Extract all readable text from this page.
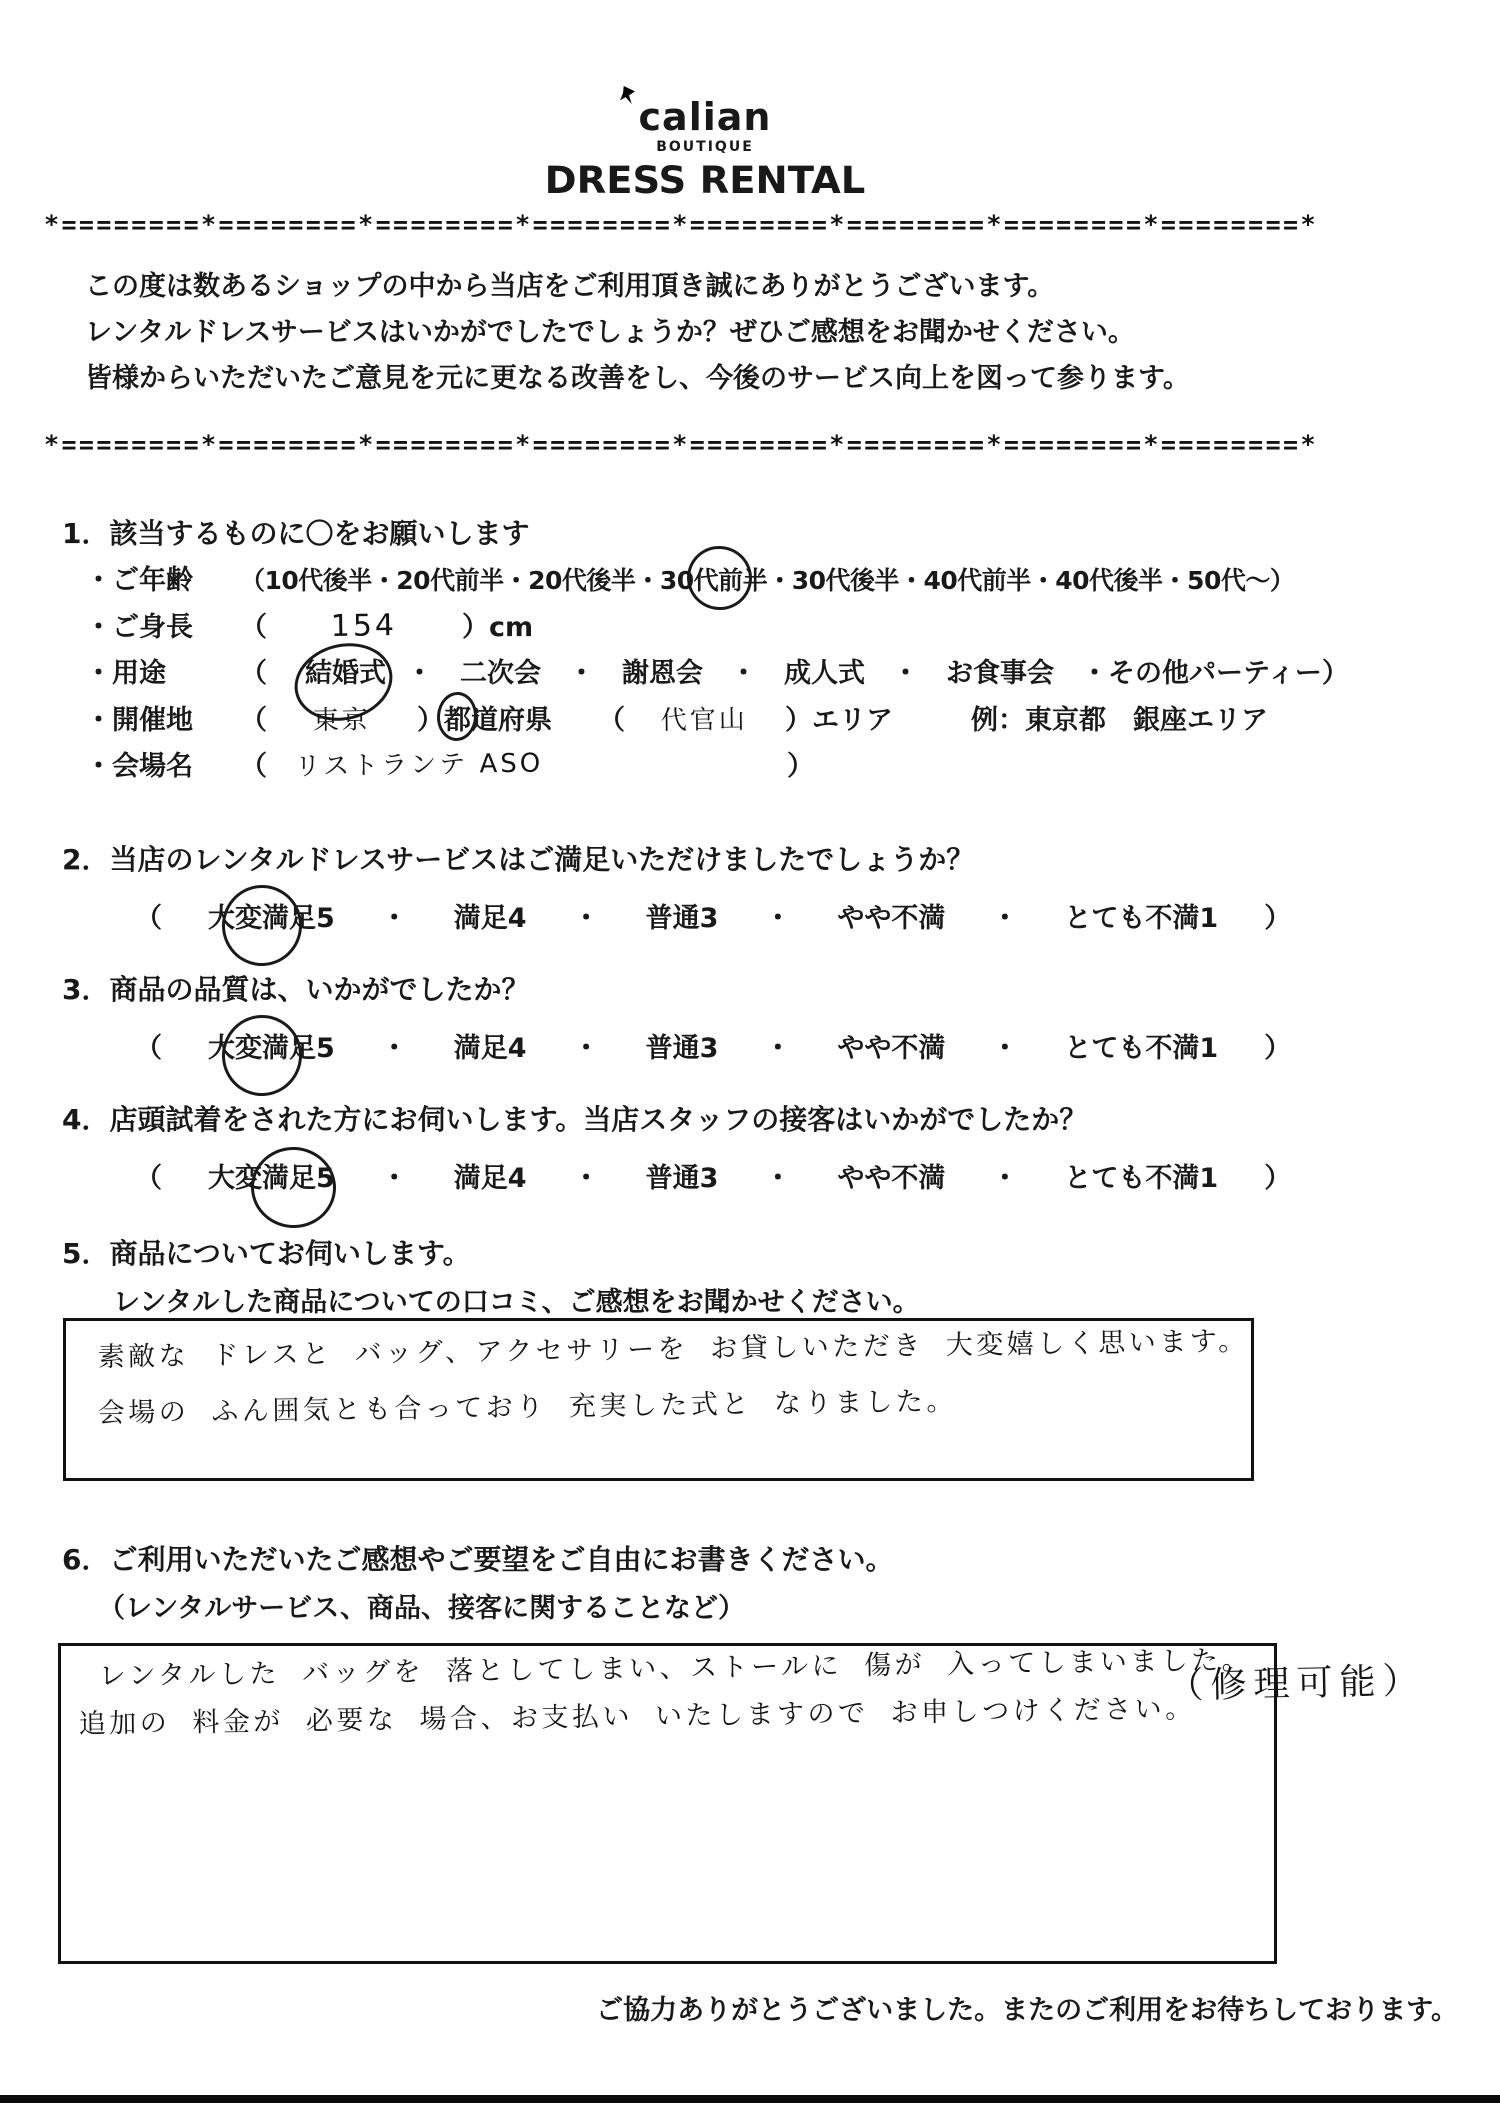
calian
BOUTIQUE
DRESS RENTAL
*========*========*========*========*========*========*========*========*

この度は数あるショップの中から当店をご利用頂き誠にありがとうございます。

レンタルドレスサービスはいかがでしたでしょうか？ぜひご感想をお聞かせください。

皆様からいただいたご意見を元に更なる改善をし、今後のサービス向上を図って参ります。

*========*========*========*========*========*========*========*========*
1．該当するものに〇をお願いします
・ご年齢 （10代後半・20代前半・20代後半・30代前半・30代後半・40代前半・40代後半・50代～）
・ご身長 （ 154 ）cm
・用途	（ 結婚式 ・　二次会　・　謝恩会　・　成人式　・　お食事会　・その他パーティー）
・開催地 （ 東京 ）都道府県 （ 代官山 ）エリア	例：東京都　銀座エリア
・会場名 （ リストランテ ASO	）
2．当店のレンタルドレスサービスはご満足いただけましたでしょうか？
（ 大変満足5 ・ 満足4 ・ 普通3 ・ やや不満 ・ とても不満1 ）
3．商品の品質は、いかがでしたか？
（ 大変満足5 ・ 満足4 ・ 普通3 ・ やや不満 ・ とても不満1 ）
4．店頭試着をされた方にお伺いします。当店スタッフの接客はいかがでしたか？
（ 大変満足5 ・ 満足4 ・ 普通3 ・ やや不満 ・ とても不満1 ）
5．商品についてお伺いします。
レンタルした商品についての口コミ、ご感想をお聞かせください。
素敵な ドレスと バッグ、アクセサリーを お貸しいただき 大変嬉しく思います。
会場の ふん囲気とも合っており 充実した式と なりました。
6．ご利用いただいたご感想やご要望をご自由にお書きください。
（レンタルサービス、商品、接客に関することなど）
レンタルした バッグを 落としてしまい、ストールに 傷が 入ってしまいました。
追加の 料金が 必要な 場合、お支払い いたしますので お申しつけください。
（修理可能）
ご協力ありがとうございました。またのご利用をお待ちしております。
